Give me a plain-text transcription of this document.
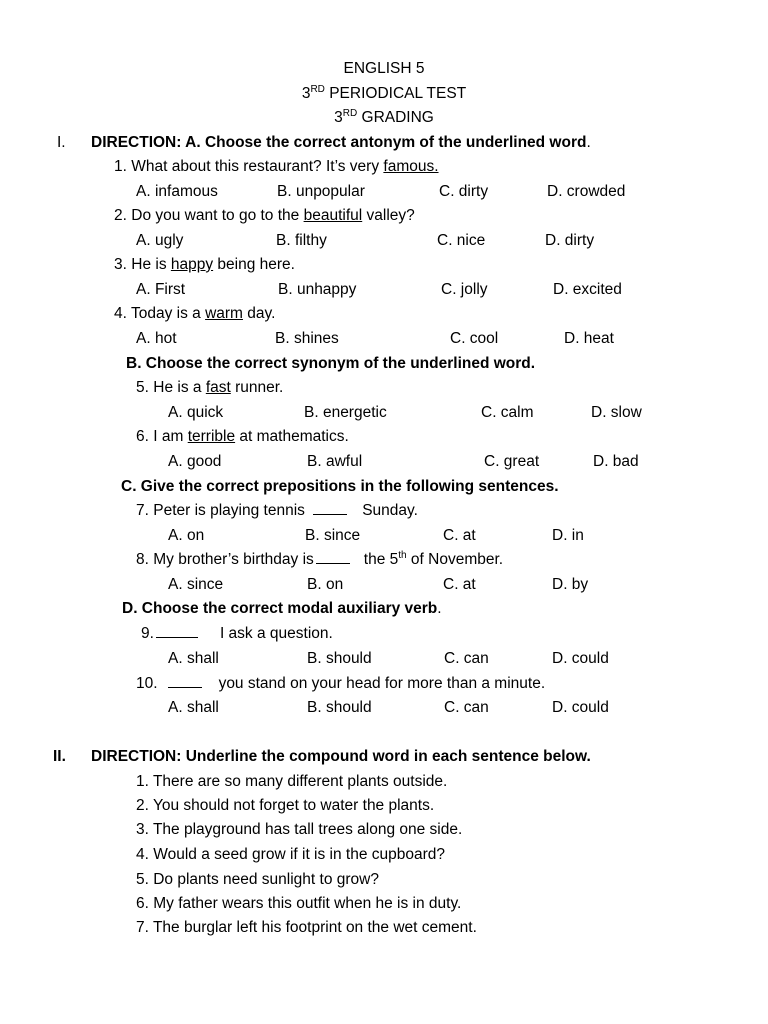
ENGLISH 5
3RD PERIODICAL TEST
3RD GRADING
I. DIRECTION: A. Choose the correct antonym of the underlined word.
1. What about this restaurant? It’s very famous.
A. infamous	B. unpopular	C. dirty	D. crowded
2. Do you want to go to the beautiful valley?
A. ugly	B. filthy	C. nice	D. dirty
3. He is happy being here.
A. First	B. unhappy	C. jolly	D. excited
4. Today is a warm day.
A. hot	B. shines	C. cool	D. heat
B. Choose the correct synonym of the underlined word.
5. He is a fast runner.
A. quick	B. energetic	C. calm	D. slow
6. I am terrible at mathematics.
A. good	B. awful	C. great	D. bad
C. Give the correct prepositions in the following sentences.
7. Peter is playing tennis	Sunday.
A. on	B. since	C. at	D. in
8. My brother’s birthday is	the 5th of November.
A. since	B. on	C. at	D. by
D. Choose the correct modal auxiliary verb.
9.	I ask a question.
A. shall	B. should	C. can	D. could
10.	you stand on your head for more than a minute.
A. shall	B. should	C. can	D. could
II. DIRECTION: Underline the compound word in each sentence below.
1. There are so many different plants outside.
2. You should not forget to water the plants.
3. The playground has tall trees along one side.
4. Would a seed grow if it is in the cupboard?
5. Do plants need sunlight to grow?
6. My father wears this outfit when he is in duty.
7. The burglar left his footprint on the wet cement.
